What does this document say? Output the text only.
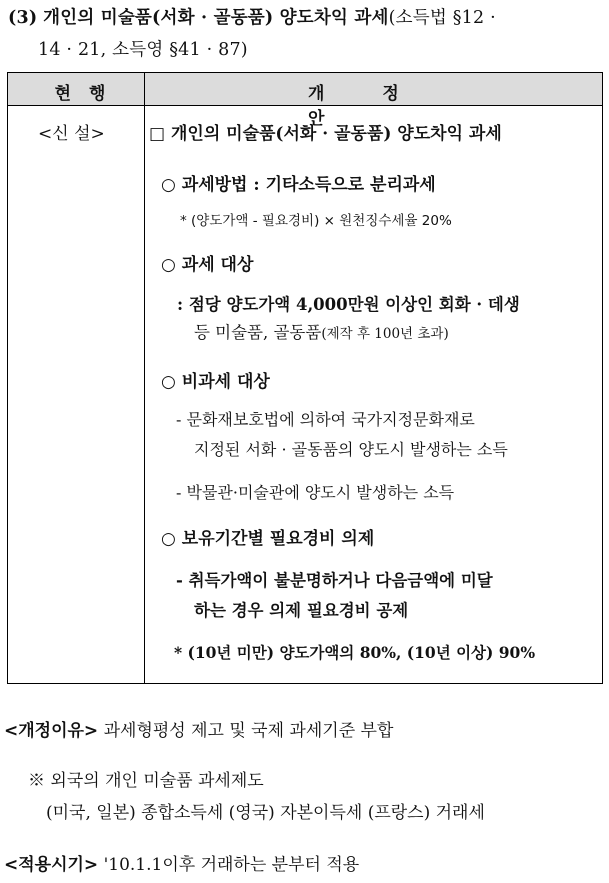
(3) 개인의 미술품(서화 · 골동품) 양도차익 과세(소득법 §12 ·
14 · 21, 소득영 §41 · 87)
현 행	개 정 안
<신 설>	□ 개인의 미술품(서화 · 골동품) 양도차익 과세
○ 과세방법 : 기타소득으로 분리과세
* (양도가액 - 필요경비) × 원천징수세율 20%
○ 과세 대상
: 점당 양도가액 4,000만원 이상인 회화 · 데생
등 미술품, 골동품(제작 후 100년 초과)
○ 비과세 대상
- 문화재보호법에 의하여 국가지정문화재로
지정된 서화 · 골동품의 양도시 발생하는 소득
- 박물관·미술관에 양도시 발생하는 소득
○ 보유기간별 필요경비 의제
- 취득가액이 불분명하거나 다음금액에 미달
하는 경우 의제 필요경비 공제
* (10년 미만) 양도가액의 80%, (10년 이상) 90%
<개정이유> 과세형평성 제고 및 국제 과세기준 부합
※ 외국의 개인 미술품 과세제도
(미국, 일본) 종합소득세 (영국) 자본이득세 (프랑스) 거래세
<적용시기> '10.1.1이후 거래하는 분부터 적용
